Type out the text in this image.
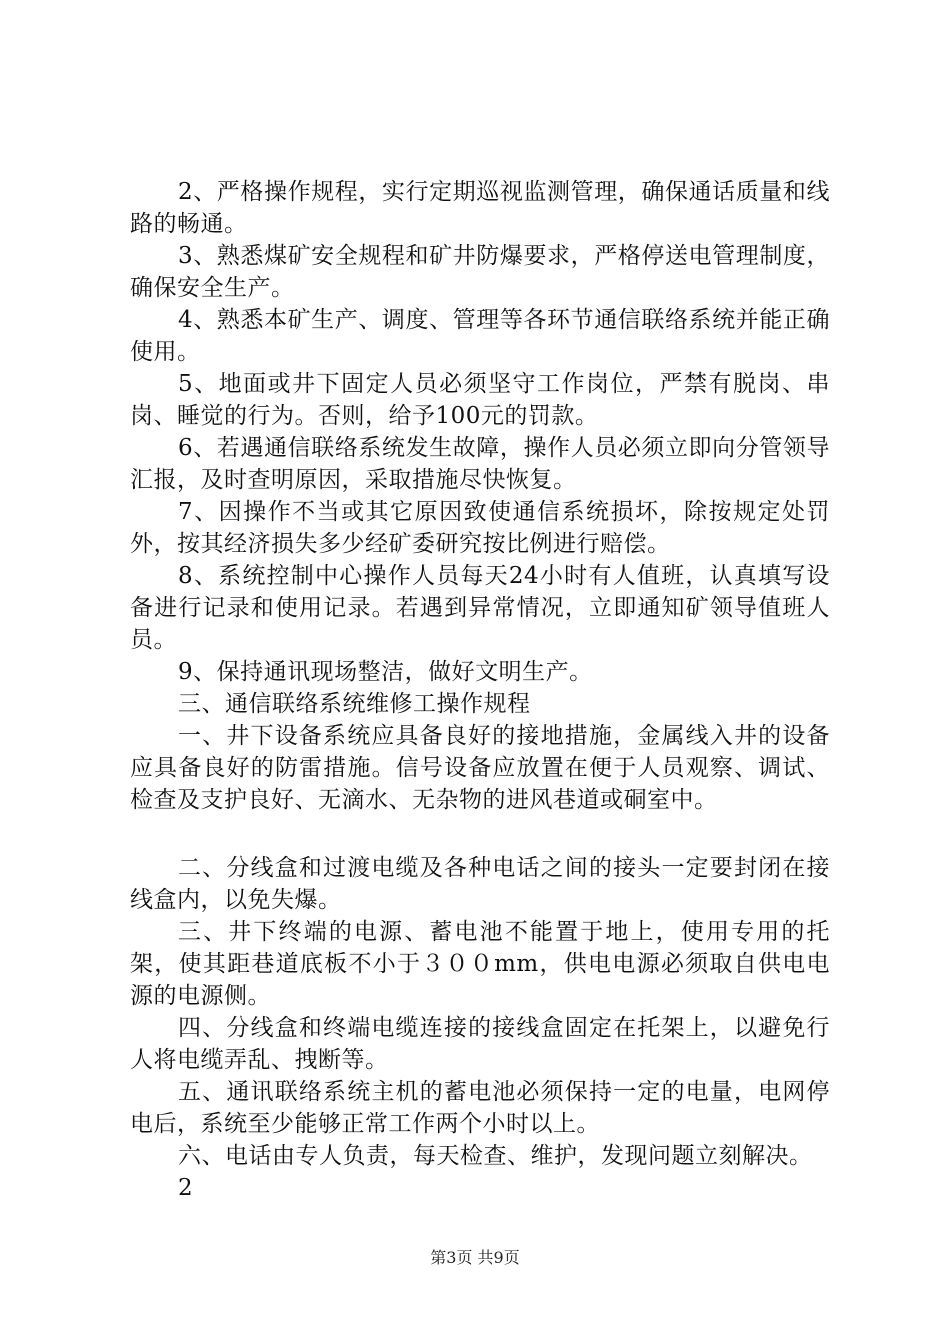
2、严格操作规程，实行定期巡视监测管理，确保通话质量和线路的畅通。

3、熟悉煤矿安全规程和矿井防爆要求，严格停送电管理制度，确保安全生产。

4、熟悉本矿生产、调度、管理等各环节通信联络系统并能正确使用。

5、地面或井下固定人员必须坚守工作岗位，严禁有脱岗、串岗、睡觉的行为。否则，给予100元的罚款。

6、若遇通信联络系统发生故障，操作人员必须立即向分管领导汇报，及时查明原因，采取措施尽快恢复。

7、因操作不当或其它原因致使通信系统损坏，除按规定处罚外，按其经济损失多少经矿委研究按比例进行赔偿。

8、系统控制中心操作人员每天24小时有人值班，认真填写设备进行记录和使用记录。若遇到异常情况，立即通知矿领导值班人员。

9、保持通讯现场整洁，做好文明生产。

三、通信联络系统维修工操作规程

一、井下设备系统应具备良好的接地措施，金属线入井的设备应具备良好的防雷措施。信号设备应放置在便于人员观察、调试、检查及支护良好、无滴水、无杂物的进风巷道或硐室中。

二、分线盒和过渡电缆及各种电话之间的接头一定要封闭在接线盒内，以免失爆。

三、井下终端的电源、蓄电池不能置于地上，使用专用的托架，使其距巷道底板不小于３００mm，供电电源必须取自供电电源的电源侧。

四、分线盒和终端电缆连接的接线盒固定在托架上，以避免行人将电缆弄乱、拽断等。

五、通讯联络系统主机的蓄电池必须保持一定的电量，电网停电后，系统至少能够正常工作两个小时以上。

六、电话由专人负责，每天检查、维护，发现问题立刻解决。

2

第3页 共9页
